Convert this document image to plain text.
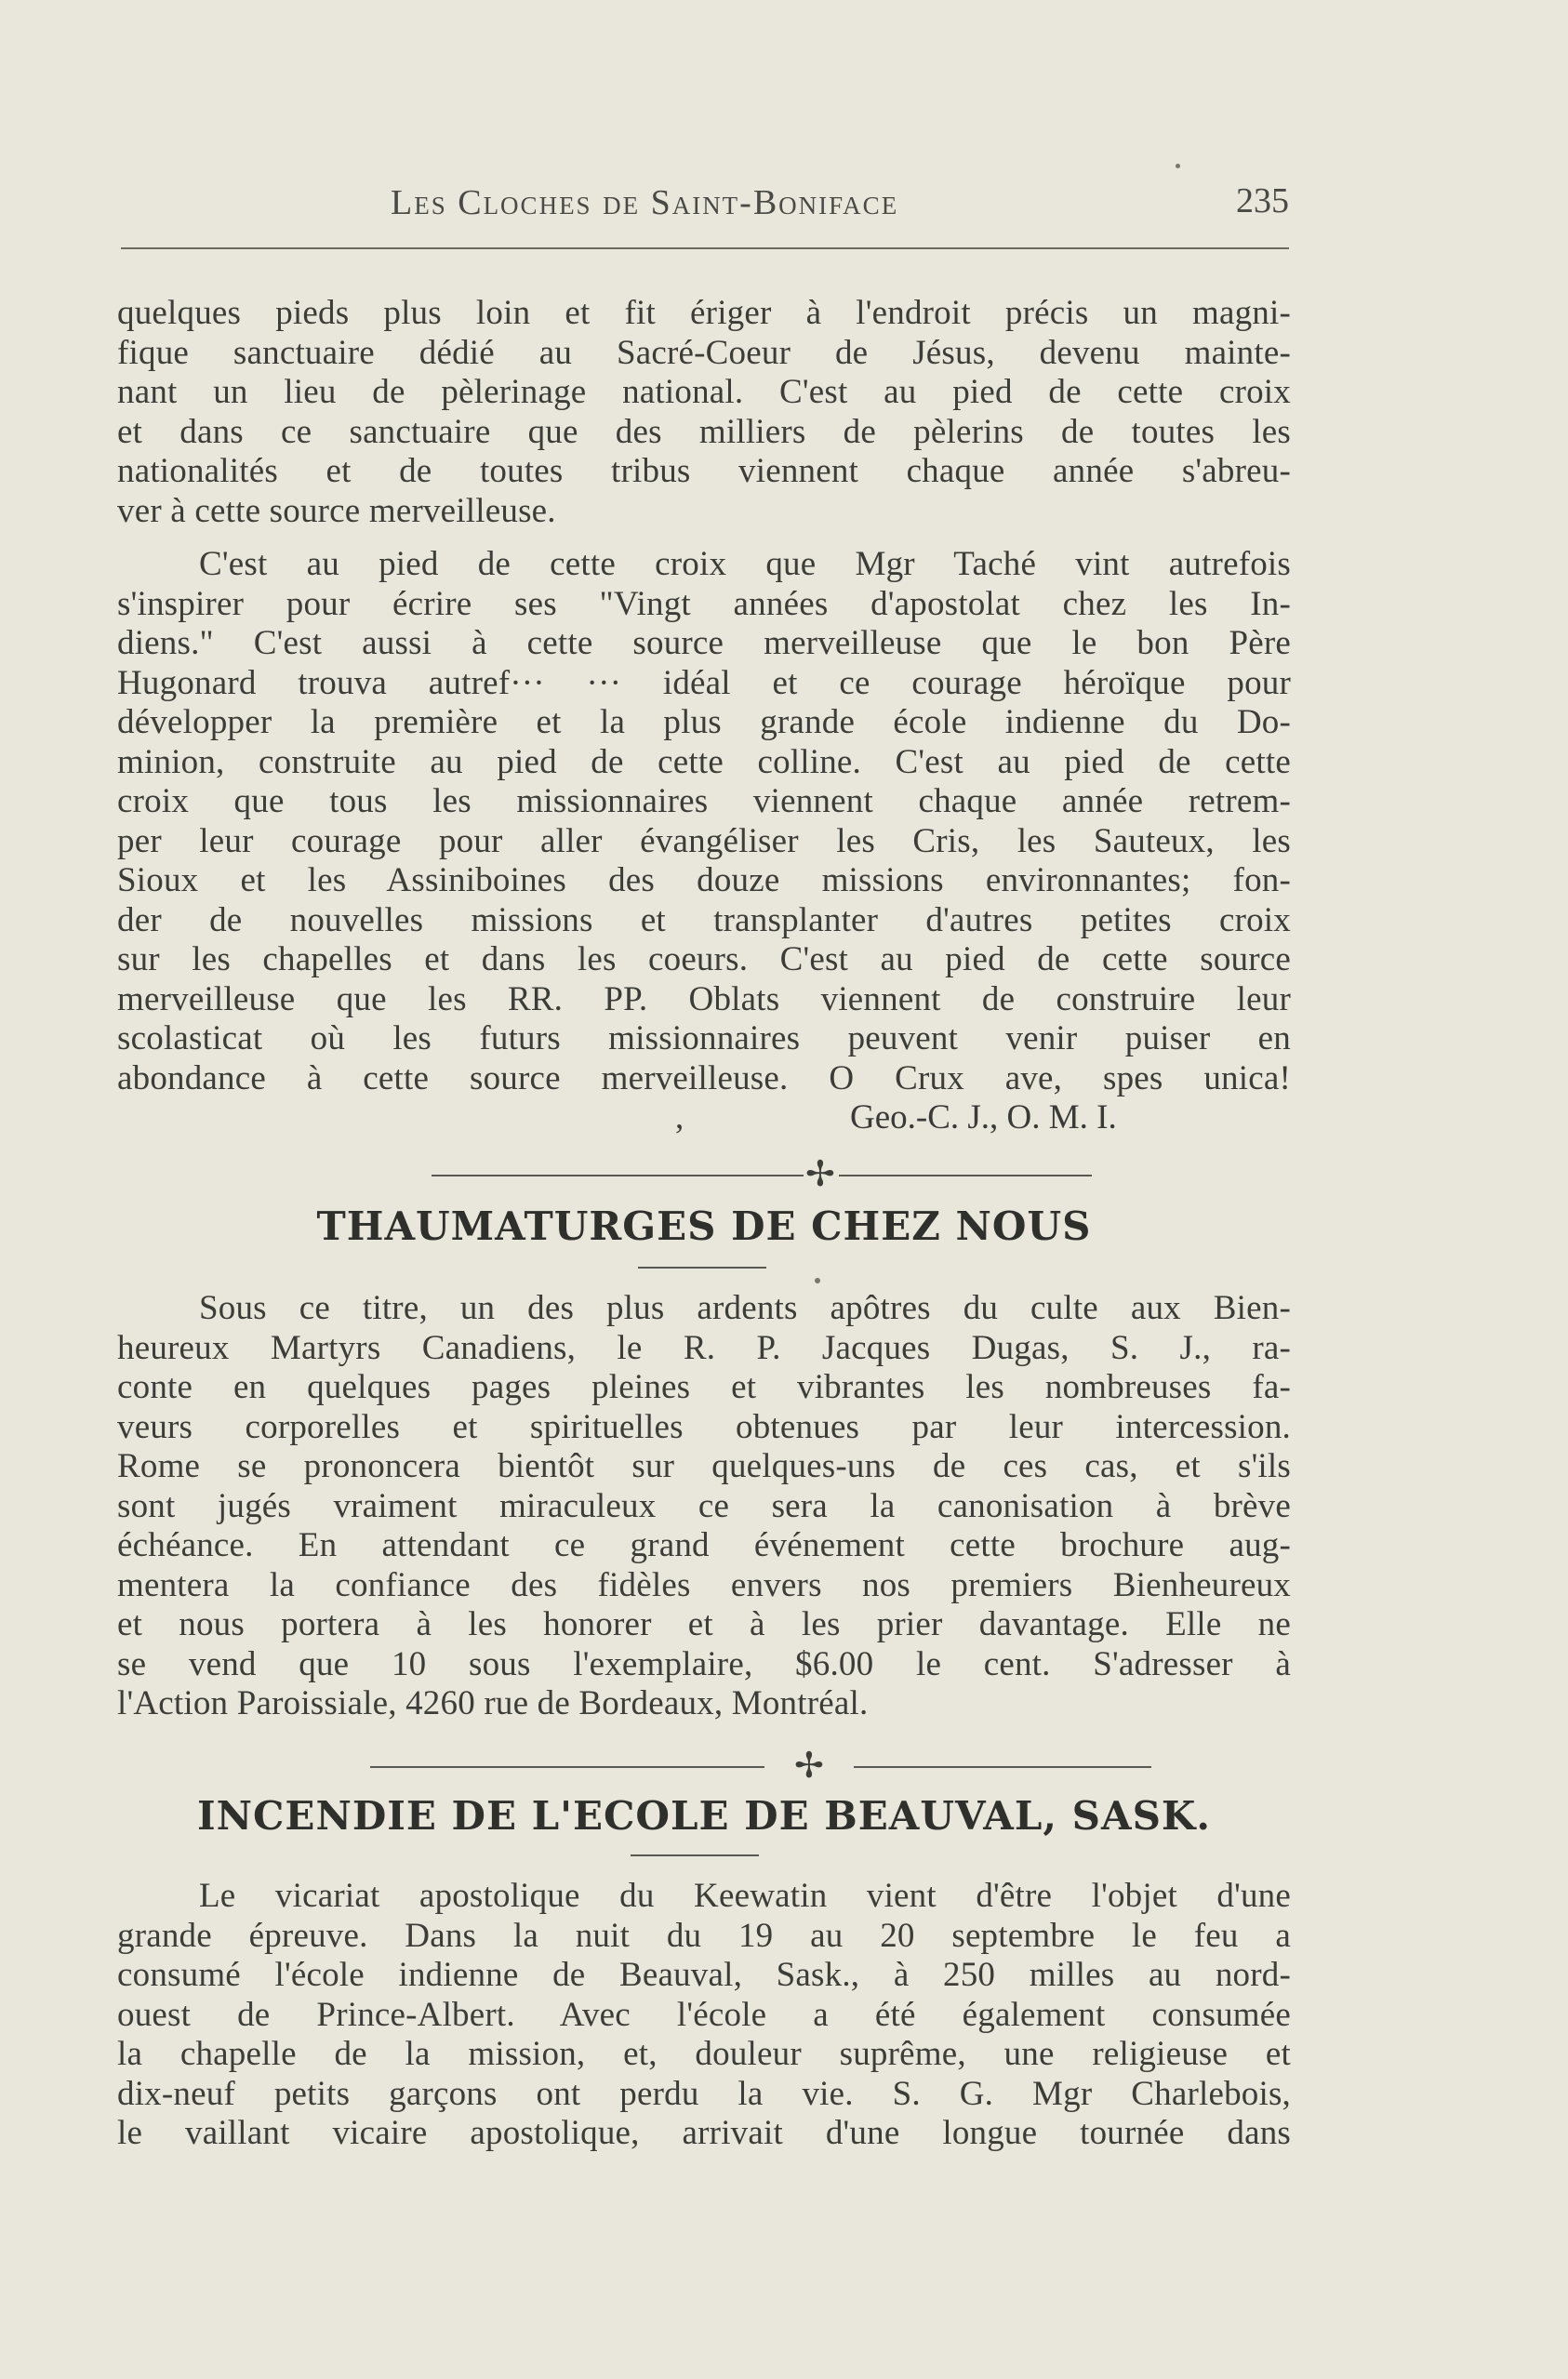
Les Cloches de Saint-Boniface	235
quelques pieds plus loin et fit ériger à l'endroit précis un magni-
fique sanctuaire dédié au Sacré-Coeur de Jésus, devenu mainte-
nant un lieu de pèlerinage national. C'est au pied de cette croix
et dans ce sanctuaire que des milliers de pèlerins de toutes les
nationalités et de toutes tribus viennent chaque année s'abreu-
ver à cette source merveilleuse.
C'est au pied de cette croix que Mgr Taché vint autrefois
s'inspirer pour écrire ses "Vingt années d'apostolat chez les In-
diens." C'est aussi à cette source merveilleuse que le bon Père
Hugonard trouva autref··· ··· idéal et ce courage héroïque pour
développer la première et la plus grande école indienne du Do-
minion, construite au pied de cette colline. C'est au pied de cette
croix que tous les missionnaires viennent chaque année retrem-
per leur courage pour aller évangéliser les Cris, les Sauteux, les
Sioux et les Assiniboines des douze missions environnantes; fon-
der de nouvelles missions et transplanter d'autres petites croix
sur les chapelles et dans les coeurs. C'est au pied de cette source
merveilleuse que les RR. PP. Oblats viennent de construire leur
scolasticat où les futurs missionnaires peuvent venir puiser en
abondance à cette source merveilleuse. O Crux ave, spes unica!
,	Geo.-C. J., O. M. I.
✢
THAUMATURGES DE CHEZ NOUS
Sous ce titre, un des plus ardents apôtres du culte aux Bien-
heureux Martyrs Canadiens, le R. P. Jacques Dugas, S. J., ra-
conte en quelques pages pleines et vibrantes les nombreuses fa-
veurs corporelles et spirituelles obtenues par leur intercession.
Rome se prononcera bientôt sur quelques-uns de ces cas, et s'ils
sont jugés vraiment miraculeux ce sera la canonisation à brève
échéance. En attendant ce grand événement cette brochure aug-
mentera la confiance des fidèles envers nos premiers Bienheureux
et nous portera à les honorer et à les prier davantage. Elle ne
se vend que 10 sous l'exemplaire, $6.00 le cent. S'adresser à
l'Action Paroissiale, 4260 rue de Bordeaux, Montréal.
✢
INCENDIE DE L'ECOLE DE BEAUVAL, SASK.
Le vicariat apostolique du Keewatin vient d'être l'objet d'une
grande épreuve. Dans la nuit du 19 au 20 septembre le feu a
consumé l'école indienne de Beauval, Sask., à 250 milles au nord-
ouest de Prince-Albert. Avec l'école a été également consumée
la chapelle de la mission, et, douleur suprême, une religieuse et
dix-neuf petits garçons ont perdu la vie. S. G. Mgr Charlebois,
le vaillant vicaire apostolique, arrivait d'une longue tournée dans
